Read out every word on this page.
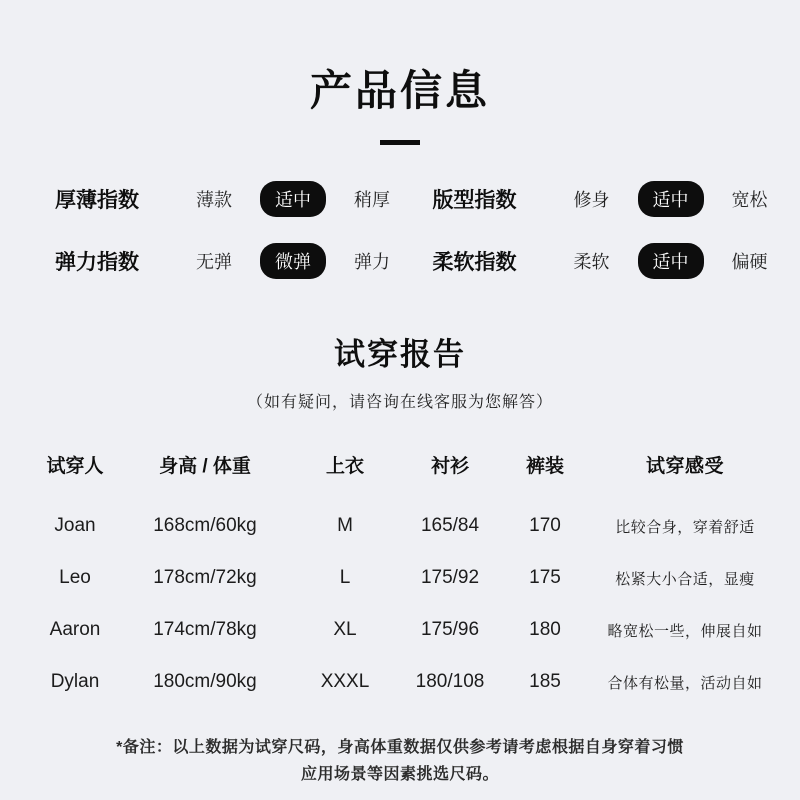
产品信息
厚薄指数	薄款	适中	稍厚	版型指数	修身	适中	宽松
弹力指数	无弹	微弹	弹力	柔软指数	柔软	适中	偏硬
试穿报告
（如有疑问，请咨询在线客服为您解答）
试穿人	身高 / 体重	上衣	衬衫	裤装	试穿感受
Joan	168cm/60kg	M	165/84	170	比较合身，穿着舒适
Leo	178cm/72kg	L	175/92	175	松紧大小合适，显瘦
Aaron	174cm/78kg	XL	175/96	180	略宽松一些，伸展自如
Dylan	180cm/90kg	XXXL	180/108	185	合体有松量，活动自如
*备注：以上数据为试穿尺码，身高体重数据仅供参考请考虑根据自身穿着习惯
应用场景等因素挑选尺码。
